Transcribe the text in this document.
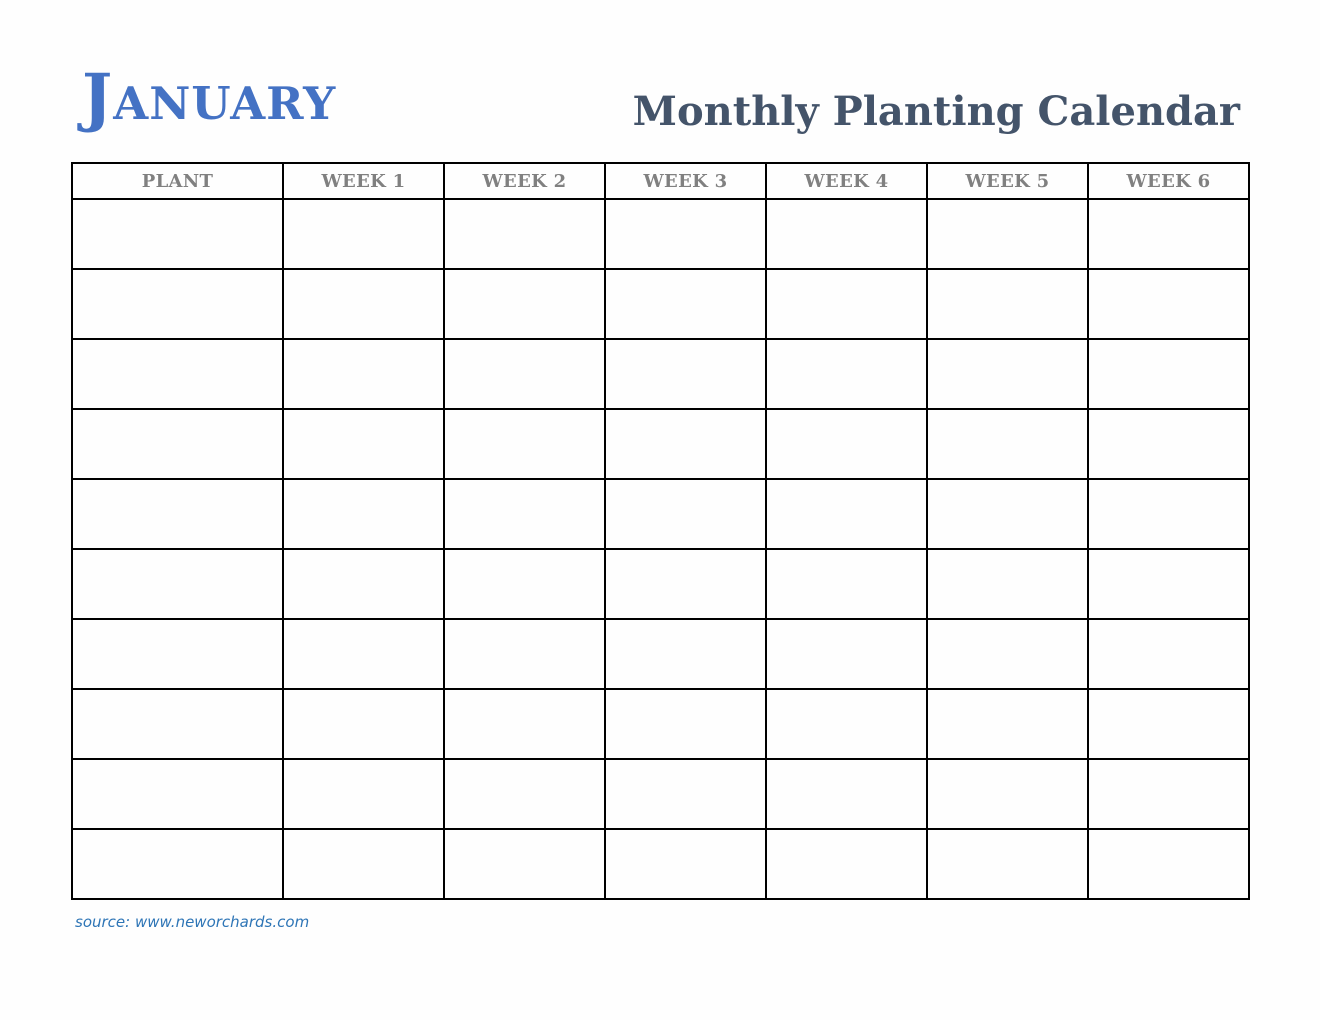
January	Monthly Planting Calendar
PLANT	WEEK 1	WEEK 2	WEEK 3	WEEK 4	WEEK 5	WEEK 6

source: www.neworchards.com
